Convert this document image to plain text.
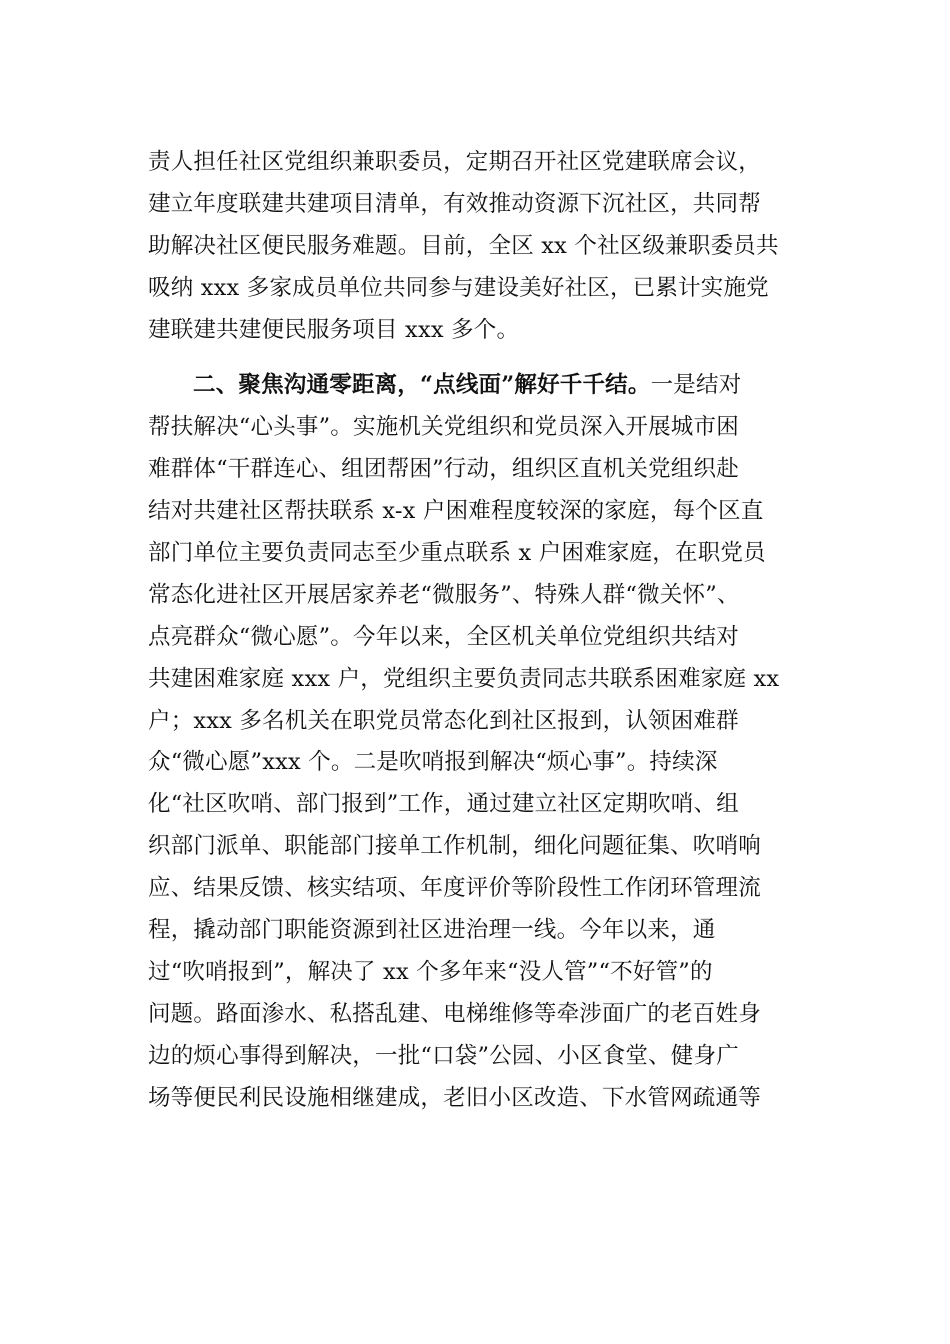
责人担任社区党组织兼职委员，定期召开社区党建联席会议，
建立年度联建共建项目清单，有效推动资源下沉社区，共同帮
助解决社区便民服务难题。目前，全区 xx 个社区级兼职委员共
吸纳 xxx 多家成员单位共同参与建设美好社区，已累计实施党
建联建共建便民服务项目 xxx 多个。
二、聚焦沟通零距离，“点线面”解好千千结。一是结对
帮扶解决“心头事”。实施机关党组织和党员深入开展城市困
难群体“干群连心、组团帮困”行动，组织区直机关党组织赴
结对共建社区帮扶联系 x-x 户困难程度较深的家庭，每个区直
部门单位主要负责同志至少重点联系 x 户困难家庭，在职党员
常态化进社区开展居家养老“微服务”、特殊人群“微关怀”、
点亮群众“微心愿”。今年以来，全区机关单位党组织共结对
共建困难家庭 xxx 户，党组织主要负责同志共联系困难家庭 xx
户；xxx 多名机关在职党员常态化到社区报到，认领困难群
众“微心愿”xxx 个。二是吹哨报到解决“烦心事”。持续深
化“社区吹哨、部门报到”工作，通过建立社区定期吹哨、组
织部门派单、职能部门接单工作机制，细化问题征集、吹哨响
应、结果反馈、核实结项、年度评价等阶段性工作闭环管理流
程，撬动部门职能资源到社区进治理一线。今年以来，通
过“吹哨报到”，解决了 xx 个多年来“没人管”“不好管”的
问题。路面渗水、私搭乱建、电梯维修等牵涉面广的老百姓身
边的烦心事得到解决，一批“口袋”公园、小区食堂、健身广
场等便民利民设施相继建成，老旧小区改造、下水管网疏通等
